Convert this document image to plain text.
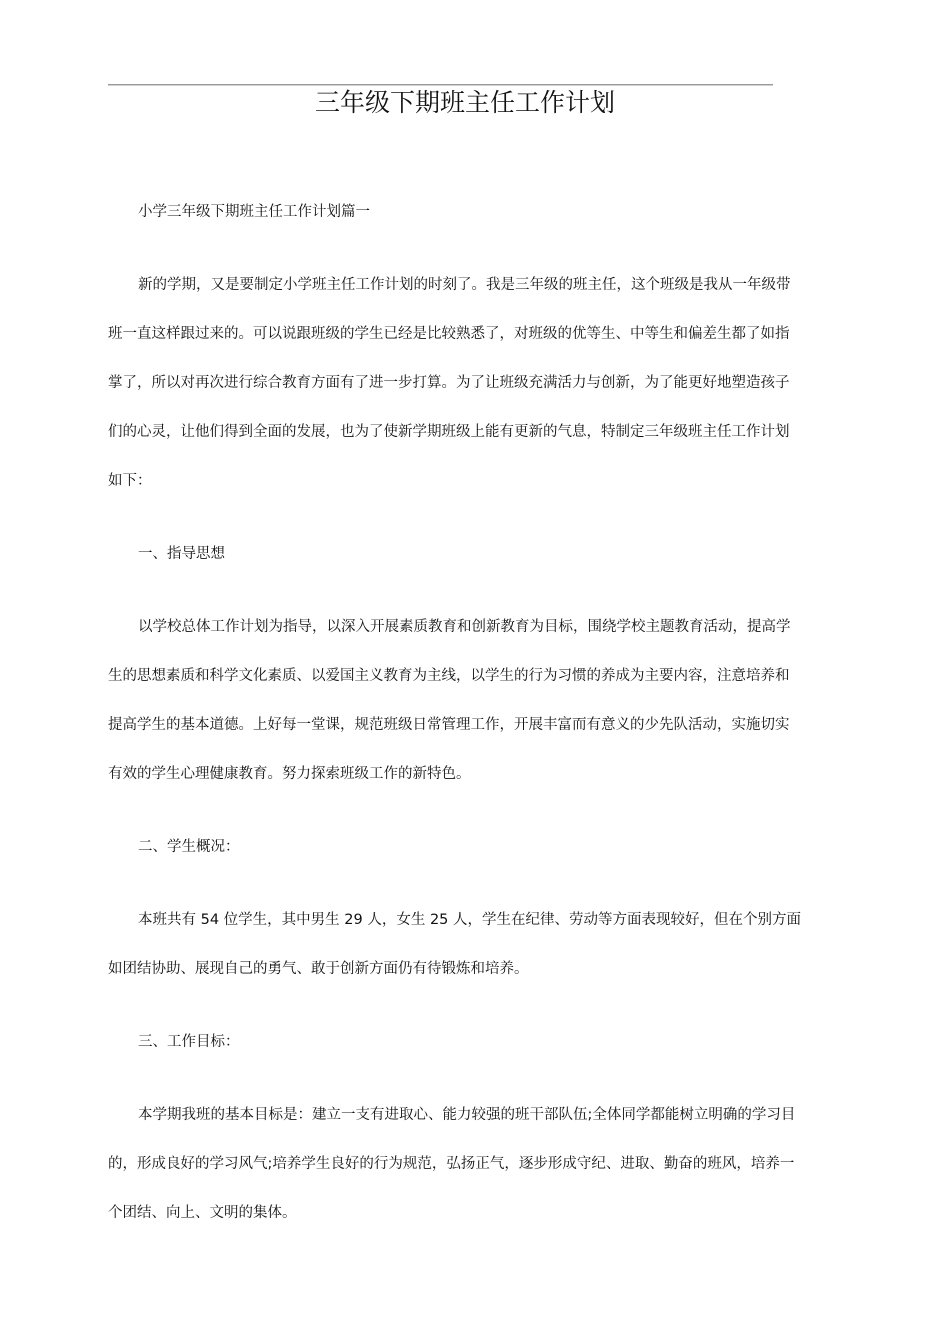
三年级下期班主任工作计划
小学三年级下期班主任工作计划篇一
新的学期，又是要制定小学班主任工作计划的时刻了。我是三年级的班主任，这个班级是我从一年级带
班一直这样跟过来的。可以说跟班级的学生已经是比较熟悉了，对班级的优等生、中等生和偏差生都了如指
掌了，所以对再次进行综合教育方面有了进一步打算。为了让班级充满活力与创新，为了能更好地塑造孩子
们的心灵，让他们得到全面的发展，也为了使新学期班级上能有更新的气息，特制定三年级班主任工作计划
如下：
一、指导思想
以学校总体工作计划为指导，以深入开展素质教育和创新教育为目标，围绕学校主题教育活动，提高学
生的思想素质和科学文化素质、以爱国主义教育为主线，以学生的行为习惯的养成为主要内容，注意培养和
提高学生的基本道德。上好每一堂课，规范班级日常管理工作，开展丰富而有意义的少先队活动，实施切实
有效的学生心理健康教育。努力探索班级工作的新特色。
二、学生概况：
本班共有 54 位学生，其中男生 29 人，女生 25 人，学生在纪律、劳动等方面表现较好，但在个别方面
如团结协助、展现自己的勇气、敢于创新方面仍有待锻炼和培养。
三、工作目标：
本学期我班的基本目标是：建立一支有进取心、能力较强的班干部队伍;全体同学都能树立明确的学习目
的，形成良好的学习风气;培养学生良好的行为规范，弘扬正气，逐步形成守纪、进取、勤奋的班风，培养一
个团结、向上、文明的集体。
